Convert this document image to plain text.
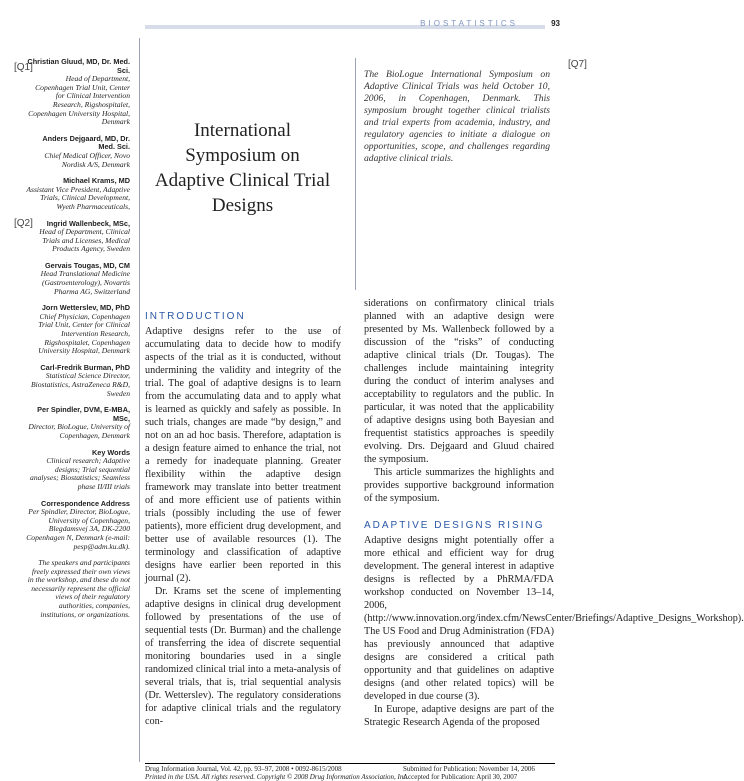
BIOSTATISTICS	93
[Q1]
[Q2]
[Q7]
Christian Gluud, MD, Dr. Med. Sci.
Head of Department, Copenhagen Trial Unit, Center for Clinical Intervention Research, Rigshospitalet, Copenhagen University Hospital, Denmark
Anders Dejgaard, MD, Dr. Med. Sci.
Chief Medical Officer, Novo Nordisk A/S, Denmark
Michael Krams, MD
Assistant Vice President, Adaptive Trials, Clinical Development, Wyeth Pharmaceuticals,
Ingrid Wallenbeck, MSc,
Head of Department, Clinical Trials and Licenses, Medical Products Agency, Sweden
Gervais Tougas, MD, CM
Head Translational Medicine (Gastroenterology), Novartis Pharma AG, Switzerland
Jorn Wetterslev, MD, PhD
Chief Physician, Copenhagen Trial Unit, Center for Clinical Intervention Research, Rigshospitalet, Copenhagen University Hospital, Denmark
Carl-Fredrik Burman, PhD
Statistical Science Director, Biostatistics, AstraZeneca R&D, Sweden
Per Spindler, DVM, E-MBA, MSc,
Director, BioLogue, University of Copenhagen, Denmark
Key Words
Clinical research; Adaptive designs; Trial sequential analyses; Biostatistics; Seamless phase II/III trials
Correspondence Address
Per Spindler, Director, BioLogue, University of Copenhagen, Blegdamsvej 3A, DK-2200 Copenhagen N, Denmark (e-mail: pesp@adm.ku.dk).
The speakers and participants freely expressed their own views in the workshop, and these do not necessarily represent the official views of their regulatory authorities, companies, institutions, or organizations.
International Symposium on Adaptive Clinical Trial Designs
The BioLogue International Symposium on Adaptive Clinical Trials was held October 10, 2006, in Copenhagen, Denmark. This symposium brought together clinical trialists and trial experts from academia, industry, and regulatory agencies to initiate a dialogue on opportunities, scope, and challenges regarding adaptive clinical trials.
INTRODUCTION

Adaptive designs refer to the use of accumulating data to decide how to modify aspects of the trial as it is conducted, without undermining the validity and integrity of the trial. The goal of adaptive designs is to learn from the accumulating data and to apply what is learned as quickly and safely as possible. In such trials, changes are made “by design,” and not on an ad hoc basis. Therefore, adaptation is a design feature aimed to enhance the trial, not a remedy for inadequate planning. Greater flexibility within the adaptive design framework may translate into better treatment of and more efficient use of patients within trials (possibly including the use of fewer patients), more efficient drug development, and better use of available resources (1). The terminology and classification of adaptive designs have earlier been reported in this journal (2).

Dr. Krams set the scene of implementing adaptive designs in clinical drug development followed by presentations of the use of sequential tests (Dr. Burman) and the challenge of transferring the idea of discrete sequential monitoring boundaries used in a single randomized clinical trial into a meta-analysis of several trials, that is, trial sequential analysis (Dr. Wetterslev). The regulatory considerations for adaptive clinical trials and the regulatory con-

siderations on confirmatory clinical trials planned with an adaptive design were presented by Ms. Wallenbeck followed by a discussion of the “risks” of conducting adaptive clinical trials (Dr. Tougas). The challenges include maintaining integrity during the conduct of interim analyses and acceptability to regulators and the public. In particular, it was noted that the applicability of adaptive designs using both Bayesian and frequentist statistics approaches is speedily evolving. Drs. Dejgaard and Gluud chaired the symposium.

This article summarizes the highlights and provides supportive background information of the symposium.

ADAPTIVE DESIGNS RISING

Adaptive designs might potentially offer a more ethical and efficient way for drug development. The general interest in adaptive designs is reflected by a PhRMA/FDA workshop conducted on November 13–14, 2006, (http://www.innovation.org/index.cfm/NewsCenter/Briefings/Adaptive_Designs_Workshop). The US Food and Drug Administration (FDA) has previously announced that adaptive designs are considered a critical path opportunity and that guidelines on adaptive designs (and other related topics) will be developed in due course (3).

In Europe, adaptive designs are part of the Strategic Research Agenda of the proposed

Drug Information Journal, Vol. 42, pp. 93–97, 2008 • 0092-8615/2008
Printed in the USA. All rights reserved. Copyright © 2008 Drug Information Association, Inc.
Submitted for Publication: November 14, 2006
Accepted for Publication: April 30, 2007
